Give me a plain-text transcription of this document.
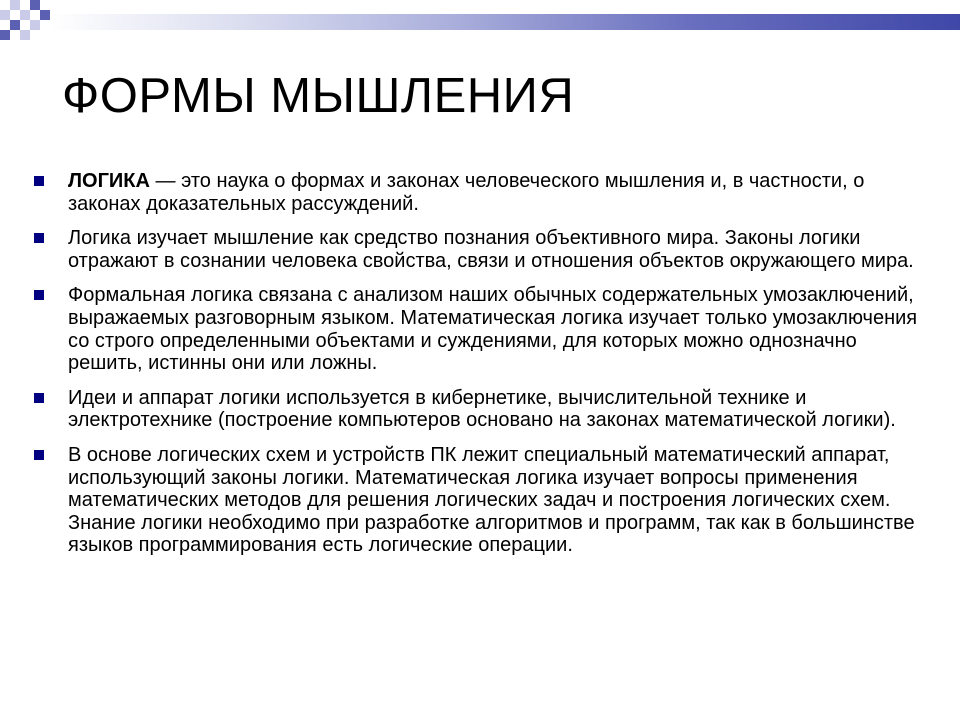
ФОРМЫ МЫШЛЕНИЯ
ЛОГИКА — это наука о формах и законах человеческого мышления и, в частности, о законах доказательных рассуждений.
Логика изучает мышление как средство познания объективного мира. Законы логики отражают в сознании человека свойства, связи и отношения объектов окружающего мира.
Формальная логика связана с анализом наших обычных содержательных умозаключений, выражаемых разговорным языком. Математическая логика изучает только умозаключения со строго определенными объектами и суждениями, для которых можно однозначно решить, истинны они или ложны.
Идеи и аппарат логики используется в кибернетике, вычислительной технике и электротехнике (построение компьютеров основано на законах математической логики).
В основе логических схем и устройств ПК лежит специальный математический аппарат, использующий законы логики. Математическая логика изучает вопросы применения математических методов для решения логических задач и построения логических схем. Знание логики необходимо при разработке алгоритмов и программ, так как в большинстве языков программирования есть логические операции.
